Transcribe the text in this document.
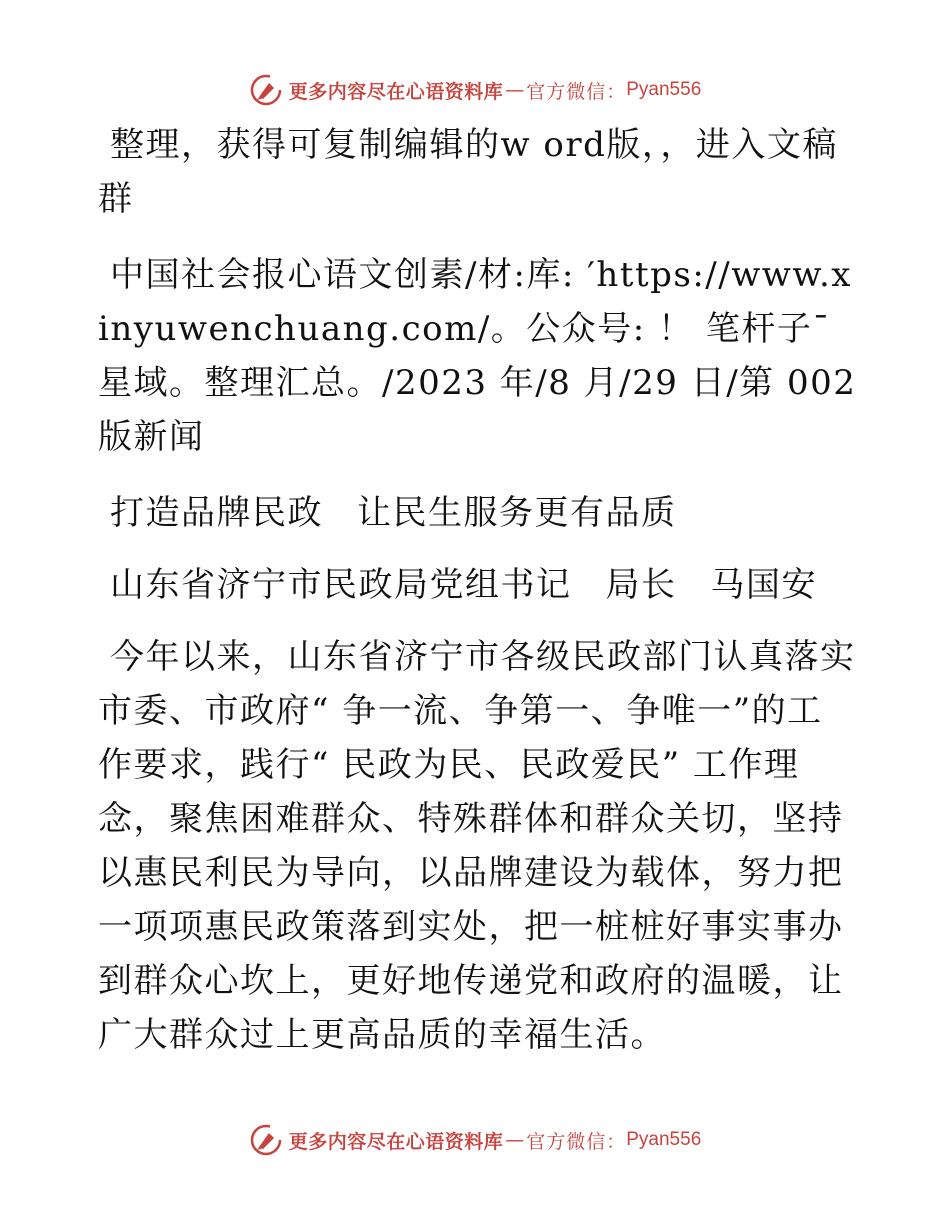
更多内容尽在心语资料库 — 官方微信： Pyan556

整理，获得可复制编辑的w ord版，，进入文稿群

中国社会报心语文创素/材:库: ′https://www.xinyuwenchuang.com/。公众号: ！ 笔杆子¯星域。整理汇总。/2023 年/8 月/29 日/第 002 版新闻

打造品牌民政 让民生服务更有品质

山东省济宁市民政局党组书记 局长 马国安

今年以来，山东省济宁市各级民政部门认真落实市委、市政府“ 争一流、争第一、争唯一”的工作要求，践行“ 民政为民、民政爱民” 工作理念，聚焦困难群众、特殊群体和群众关切，坚持以惠民利民为导向，以品牌建设为载体，努力把一项项惠民政策落到实处，把一桩桩好事实事办到群众心坎上，更好地传递党和政府的温暖，让广大群众过上更高品质的幸福生活。

更多内容尽在心语资料库 — 官方微信： Pyan556
